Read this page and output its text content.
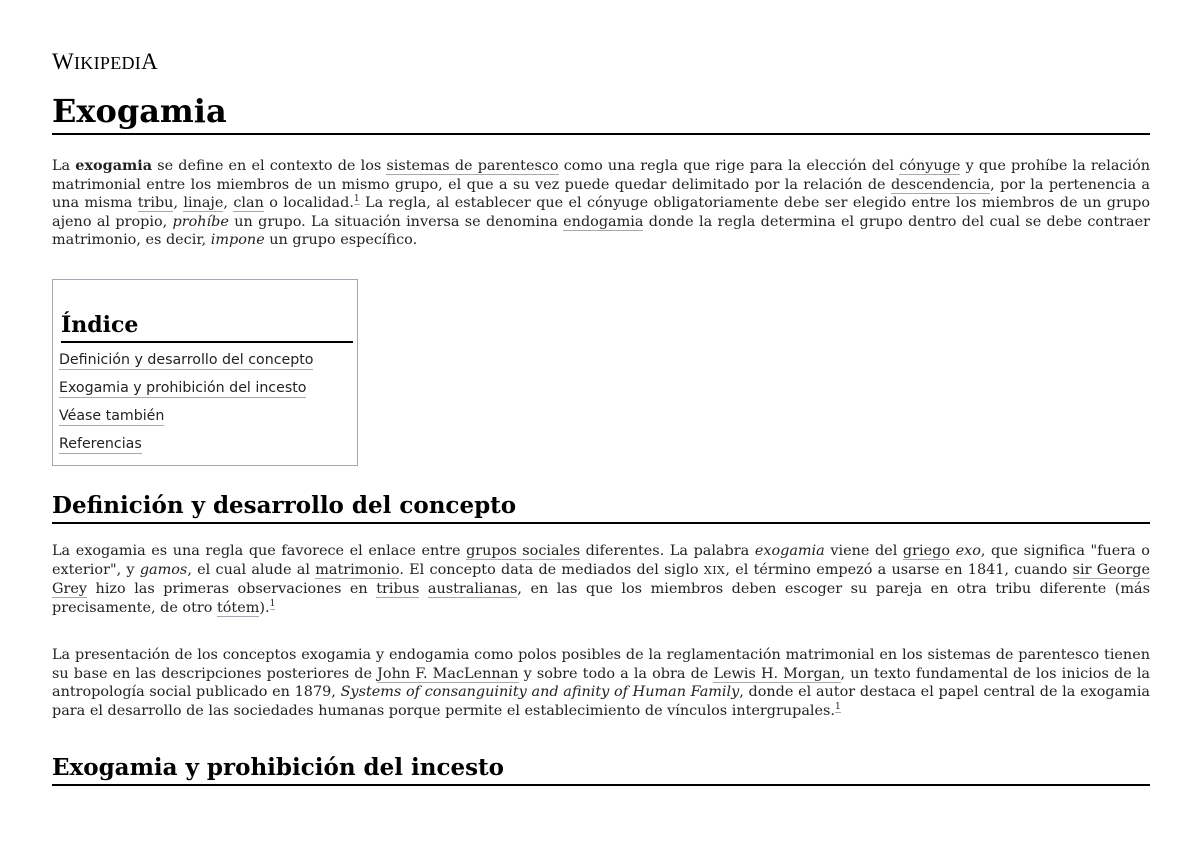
WIKIPEDIA
Exogamia

La exogamia se define en el contexto de los sistemas de parentesco como una regla que rige para la elección del cónyuge y que prohíbe la relación matrimonial entre los miembros de un mismo grupo, el que a su vez puede quedar delimitado por la relación de descendencia, por la pertenencia a una misma tribu, linaje, clan o localidad.$^1$ La regla, al establecer que el cónyuge obligatoriamente debe ser elegido entre los miembros de un grupo ajeno al propio, prohíbe un grupo. La situación inversa se denomina endogamia donde la regla determina el grupo dentro del cual se debe contraer matrimonio, es decir, impone un grupo específico.

Índice
Definición y desarrollo del concepto
Exogamia y prohibición del incesto
Véase también
Referencias
Definición y desarrollo del concepto

La exogamia es una regla que favorece el enlace entre grupos sociales diferentes. La palabra exogamia viene del griego exo, que significa "fuera o exterior", y gamos, el cual alude al matrimonio. El concepto data de mediados del siglo XIX, el término empezó a usarse en 1841, cuando sir George Grey hizo las primeras observaciones en tribus australianas, en las que los miembros deben escoger su pareja en otra tribu diferente (más precisamente, de otro tótem).$^1$

La presentación de los conceptos exogamia y endogamia como polos posibles de la reglamentación matrimonial en los sistemas de parentesco tienen su base en las descripciones posteriores de John F. MacLennan y sobre todo a la obra de Lewis H. Morgan, un texto fundamental de los inicios de la antropología social publicado en 1879, Systems of consanguinity and afinity of Human Family, donde el autor destaca el papel central de la exogamia para el desarrollo de las sociedades humanas porque permite el establecimiento de vínculos intergrupales.$^1$

Exogamia y prohibición del incesto
